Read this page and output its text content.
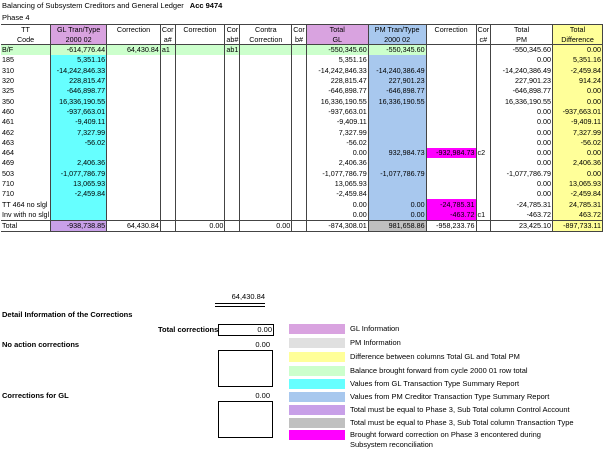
Balancing of Subsystem Creditors and General Ledger Acc 9474
Phase 4
TT	GL Tran/Type	Correction	Cor	Correction	Cor	Contra	Cor	Total	PM Tran/Type	Correction	Cor	Total	Total
Code	2000 02		a#		ab#	Correction	b#	GL	2000 02		c#	PM	Difference
B/F	-614,776.44	64,430.84	a1		ab1			-550,345.60	-550,345.60			-550,345.60	0.00
185	5,351.16							5,351.16				0.00	5,351.16
310	-14,242,846.33							-14,242,846.33	-14,240,386.49			-14,240,386.49	-2,459.84
320	228,815.47							228,815.47	227,901.23			227,901.23	914.24
325	-646,898.77							-646,898.77	-646,898.77			-646,898.77	0.00
350	16,336,190.55							16,336,190.55	16,336,190.55			16,336,190.55	0.00
460	-937,663.01							-937,663.01				0.00	-937,663.01
461	-9,409.11							-9,409.11				0.00	-9,409.11
462	7,327.99							7,327.99				0.00	7,327.99
463	-56.02							-56.02				0.00	-56.02
464								0.00	932,984.73	-932,984.73	c2	0.00	0.00
469	2,406.36							2,406.36				0.00	2,406.36
503	-1,077,786.79							-1,077,786.79	-1,077,786.79			-1,077,786.79	0.00
710	13,065.93							13,065.93				0.00	13,065.93
710	-2,459.84							-2,459.84				0.00	-2,459.84
TT 464 no slgl								0.00	0.00	-24,785.31		-24,785.31	24,785.31
Inv with no slgl								0.00	0.00	-463.72	c1	-463.72	463.72
Total	-938,738.85	64,430.84		0.00		0.00		-874,308.01	981,658.86	-958,233.76		23,425.10	-897,733.11
64,430.84
Detail Information of the Corrections
Total corrections	0.00
No action corrections	0.00
Corrections for GL	0.00
GL Information
PM Information
Difference between columns Total GL and Total PM
Balance brought forward from cycle 2000 01 row total
Values from GL Transaction Type Summary Report
Values from PM Creditor Transaction Type Summary Report
Total must be equal to Phase 3, Sub Total column Control Account
Total must be equal to Phase 3, Sub Total column Transaction Type
Brought forward correction on Phase 3 encontered during
Subsystem reconciliation
